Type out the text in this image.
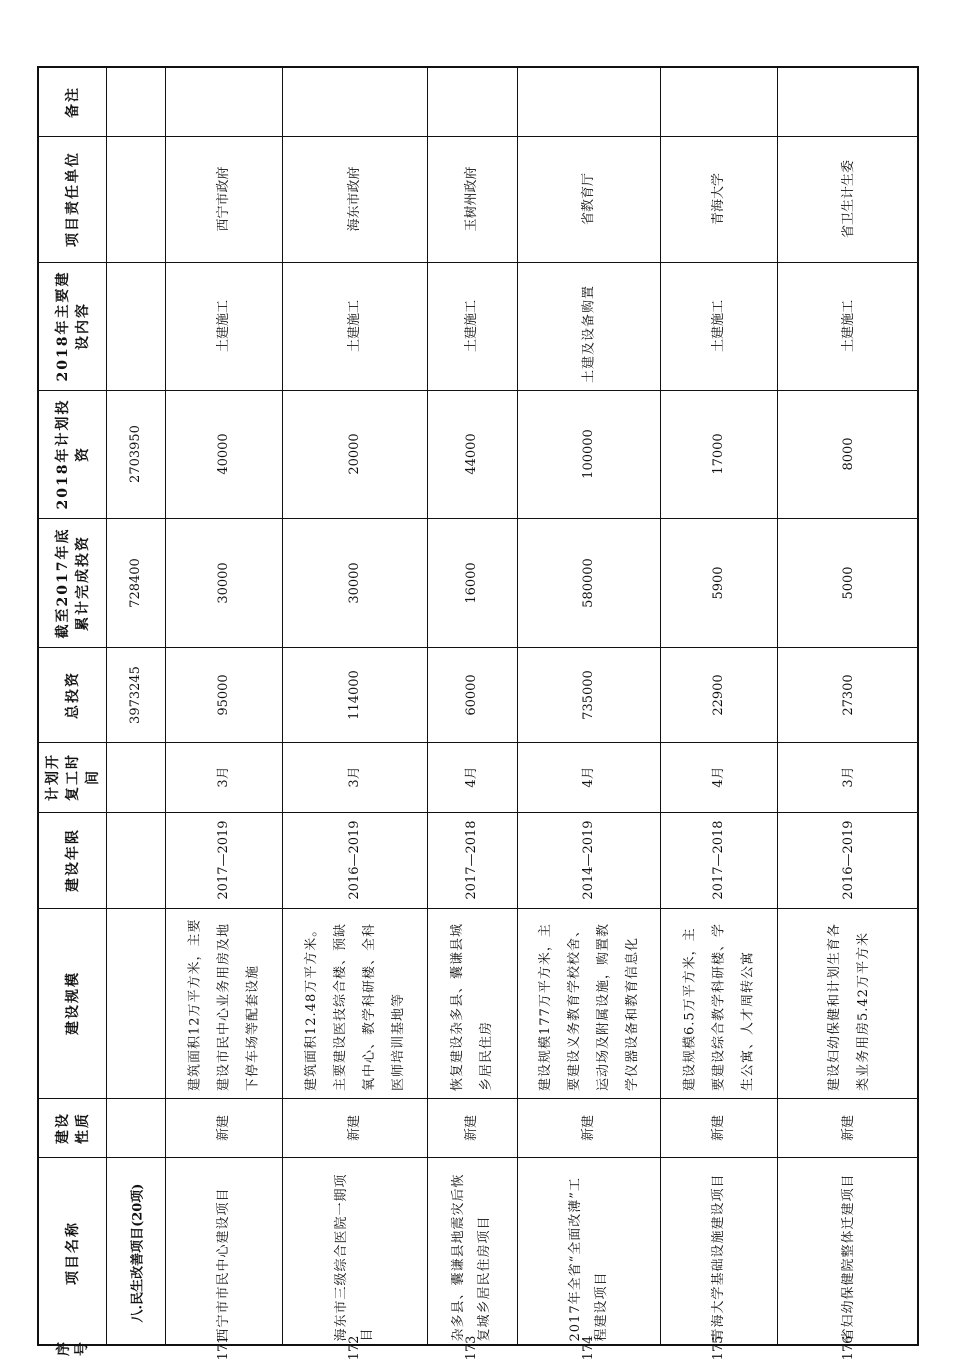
备注
项目责任单位
2018年主要建设内容
2018年计划投资
截至2017年底累计完成投资
总投资
计划开复工时间
建设年限
建设规模
建设性质
项目名称
序号
八.民生改善项目(20项)
3973245
728400
2703950
西宁市政府
土建施工
40000
30000
95000
3月
2017—2019
建筑面积12万平方米，主要建设市民中心业务用房及地下停车场等配套设施
新建
西宁市市民中心建设项目
171
海东市政府
土建施工
20000
30000
114000
3月
2016—2019
建筑面积12.48万平方米。主要建设医技综合楼、预缺氧中心、教学科研楼、全科医师培训基地等
新建
海东市三级综合医院一期项目
172
玉树州政府
土建施工
44000
16000
60000
4月
2017—2018
恢复建设杂多县、囊谦县城乡居民住房
新建
杂多县、囊谦县地震灾后恢复城乡居民住房项目
173
省教育厅
土建及设备购置
100000
580000
735000
4月
2014—2019
建设规模177万平方米，主要建设义务教育学校校舍、运动场及附属设施，购置教学仪器设备和教育信息化
新建
2017年全省“全面改薄”工程建设项目
174
青海大学
土建施工
17000
5900
22900
4月
2017—2018
建设规模6.5万平方米，主要建设综合教学科研楼、学生公寓、人才周转公寓
新建
青海大学基础设施建设项目
175
省卫生计生委
土建施工
8000
5000
27300
3月
2016—2019
建设妇幼保健和计划生育各类业务用房5.42万平方米
新建
省妇幼保健院整体迁建项目
176
